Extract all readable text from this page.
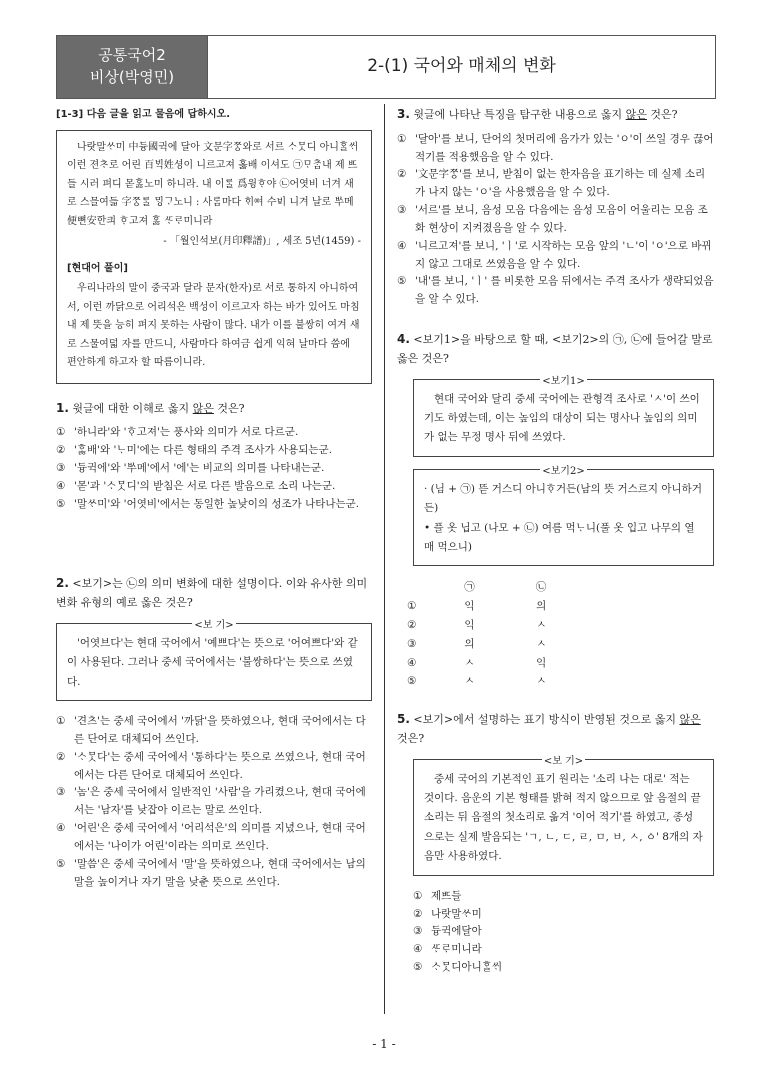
공통국어2
비상(박영민)
2-(1) 국어와 매체의 변화
[1-3] 다음 글을 읽고 물음에 답하시오.

나랏말ᄊᆞ미 中듕國귁에 달아 文문字ᄍᆞᆼ와로 서르 ᄉᆞᄆᆞᆺ디 아니ᄒᆞᆯᄊᆡ 이런 젼ᄎᆞ로 어린 百ᄇᆡᆨ姓셩이 니르고져 홇배 이셔도 ㉠ᄆᆞᄎᆞᆷ내 제 ᄠᅳ들 시러 펴디 몯ᄒᆞᇙ노미 하니라. 내 이ᄅᆞᆯ 爲윙ᄒᆞ야 ㉡어엿비 너겨 새로 스믈여듧 字ᄍᆞᆼᄅᆞᆯ ᄆᆡᆼᄀᆞ노니 : 사ᄅᆞᆷ마다 ᄒᆡᅇᅧ 수ᄫᅵ 니겨 날로 ᄡᅮ메 便뼌安ᅙᅡᆫ킈 ᄒᆞ고져 ᄒᆞᇙ ᄯᆞᄅᆞ미니라

- 「월인석보(月印釋譜)」, 세조 5년(1459) -
[현대어 풀이]

우리나라의 말이 중국과 달라 문자(한자)로 서로 통하지 아니하여서, 이런 까닭으로 어리석은 백성이 이르고자 하는 바가 있어도 마침내 제 뜻을 능히 펴지 못하는 사람이 많다. 내가 이를 불쌍히 여겨 새로 스물여덟 자를 만드니, 사람마다 하여금 쉽게 익혀 날마다 씀에 편안하게 하고자 할 따름이니라.

1. 윗글에 대한 이해로 옳지 않은 것은?
① '하니라'와 'ᄒᆞ고져'는 풍사와 의미가 서로 다르군.
② 'ᄒᆞᇙ배'와 'ᄂᆞ미'에는 다른 형태의 주격 조사가 사용되는군.
③ '듕귁에'와 'ᄡᅮ메'에서 '에'는 비교의 의미를 나타내는군.
④ '몯'과 'ᄉᆞᄆᆞᆺ디'의 받침은 서로 다른 발음으로 소리 나는군.
⑤ '말ᄊᆞ미'와 '어엿비'에서는 동일한 높낮이의 성조가 나타나는군.
2. <보기>는 ㉡의 의미 변화에 대한 설명이다. 이와 유사한 의미 변화 유형의 예로 옳은 것은?
<보 기>

'어엿브다'는 현대 국어에서 '예쁘다'는 뜻으로 '어여쁘다'와 같이 사용된다. 그러나 중세 국어에서는 '불쌍하다'는 뜻으로 쓰였다.

① '견츠'는 중세 국어에서 '까닭'을 뜻하였으나, 현대 국어에서는 다른 단어로 대체되어 쓰인다.
② 'ᄉᆞᄆᆞᆺ다'는 중세 국어에서 '통하다'는 뜻으로 쓰였으나, 현대 국어에서는 다른 단어로 대체되어 쓰인다.
③ '놈'은 중세 국어에서 일반적인 '사람'을 가리켰으나, 현대 국어에서는 '남자'를 낮잡아 이르는 말로 쓰인다.
④ '어린'은 중세 국어에서 '어리석은'의 의미를 지녔으나, 현대 국어에서는 '나이가 어린'이라는 의미로 쓰인다.
⑤ '말씀'은 중세 국어에서 '말'을 뜻하였으나, 현대 국어에서는 남의 말을 높이거나 자기 말을 낮춘 뜻으로 쓰인다.
3. 윗글에 나타난 특징을 탐구한 내용으로 옳지 않은 것은?
① '달아'를 보니, 단어의 첫머리에 음가가 있는 'ㅇ'이 쓰일 경우 끊어적기를 적용했음을 알 수 있다.
② '文문字ᄍᆞᆼ'를 보니, 받침이 없는 한자음을 표기하는 데 실제 소리가 나지 않는 'ㅇ'을 사용했음을 알 수 있다.
③ '서르'를 보니, 음성 모음 다음에는 음성 모음이 어울리는 모음 조화 현상이 지켜졌음을 알 수 있다.
④ '니르고져'를 보니, 'ㅣ'로 시작하는 모음 앞의 'ㄴ'이 'ㅇ'으로 바뀌지 않고 그대로 쓰였음을 알 수 있다.
⑤ '내'를 보니, 'ㅣ' 를 비롯한 모음 뒤에서는 주격 조사가 생략되었음을 알 수 있다.
4. <보기1>을 바탕으로 할 때, <보기2>의 ㉠, ㉡에 들어갈 말로 옳은 것은?
<보기1>

현대 국어와 달리 중세 국어에는 관형격 조사로 'ㅅ'이 쓰이기도 하였는데, 이는 높임의 대상이 되는 명사나 높임의 의미가 없는 무정 명사 뒤에 쓰였다.

<보기2>
· (님 + ㉠) 뜯 거스디 아니ᄒᆞ거든(남의 뜻 거스르지 아니하거든)
• 플 옷 닙고 (나모 + ㉡) 여름 먹ᄂᆞ니(풀 옷 입고 나무의 열매 먹으니)
	㉠	㉡
①	익	의
②	익	ㅅ
③	의	ㅅ
④	ㅅ	익
⑤	ㅅ	ㅅ
5. <보기>에서 설명하는 표기 방식이 반영된 것으로 옳지 않은 것은?
<보 기>

중세 국어의 기본적인 표기 원리는 '소리 나는 대로' 적는 것이다. 음운의 기본 형태를 밝혀 적지 않으므로 앞 음절의 끝소리는 뒤 음절의 첫소리로 옮겨 '이어 적기'를 하였고, 종성으로는 실제 발음되는 'ㄱ, ㄴ, ㄷ, ㄹ, ㅁ, ㅂ, ㅅ, ㆁ' 8개의 자음만 사용하였다.

① 제ᄠᅳ들
② 나랏말ᄊᆞ미
③ 듕귁에달아
④ ᄯᆞᄅᆞ미니라
⑤ ᄉᆞᄆᆞᆺ디아니ᄒᆞᆯᄊᆡ
- 1 -
